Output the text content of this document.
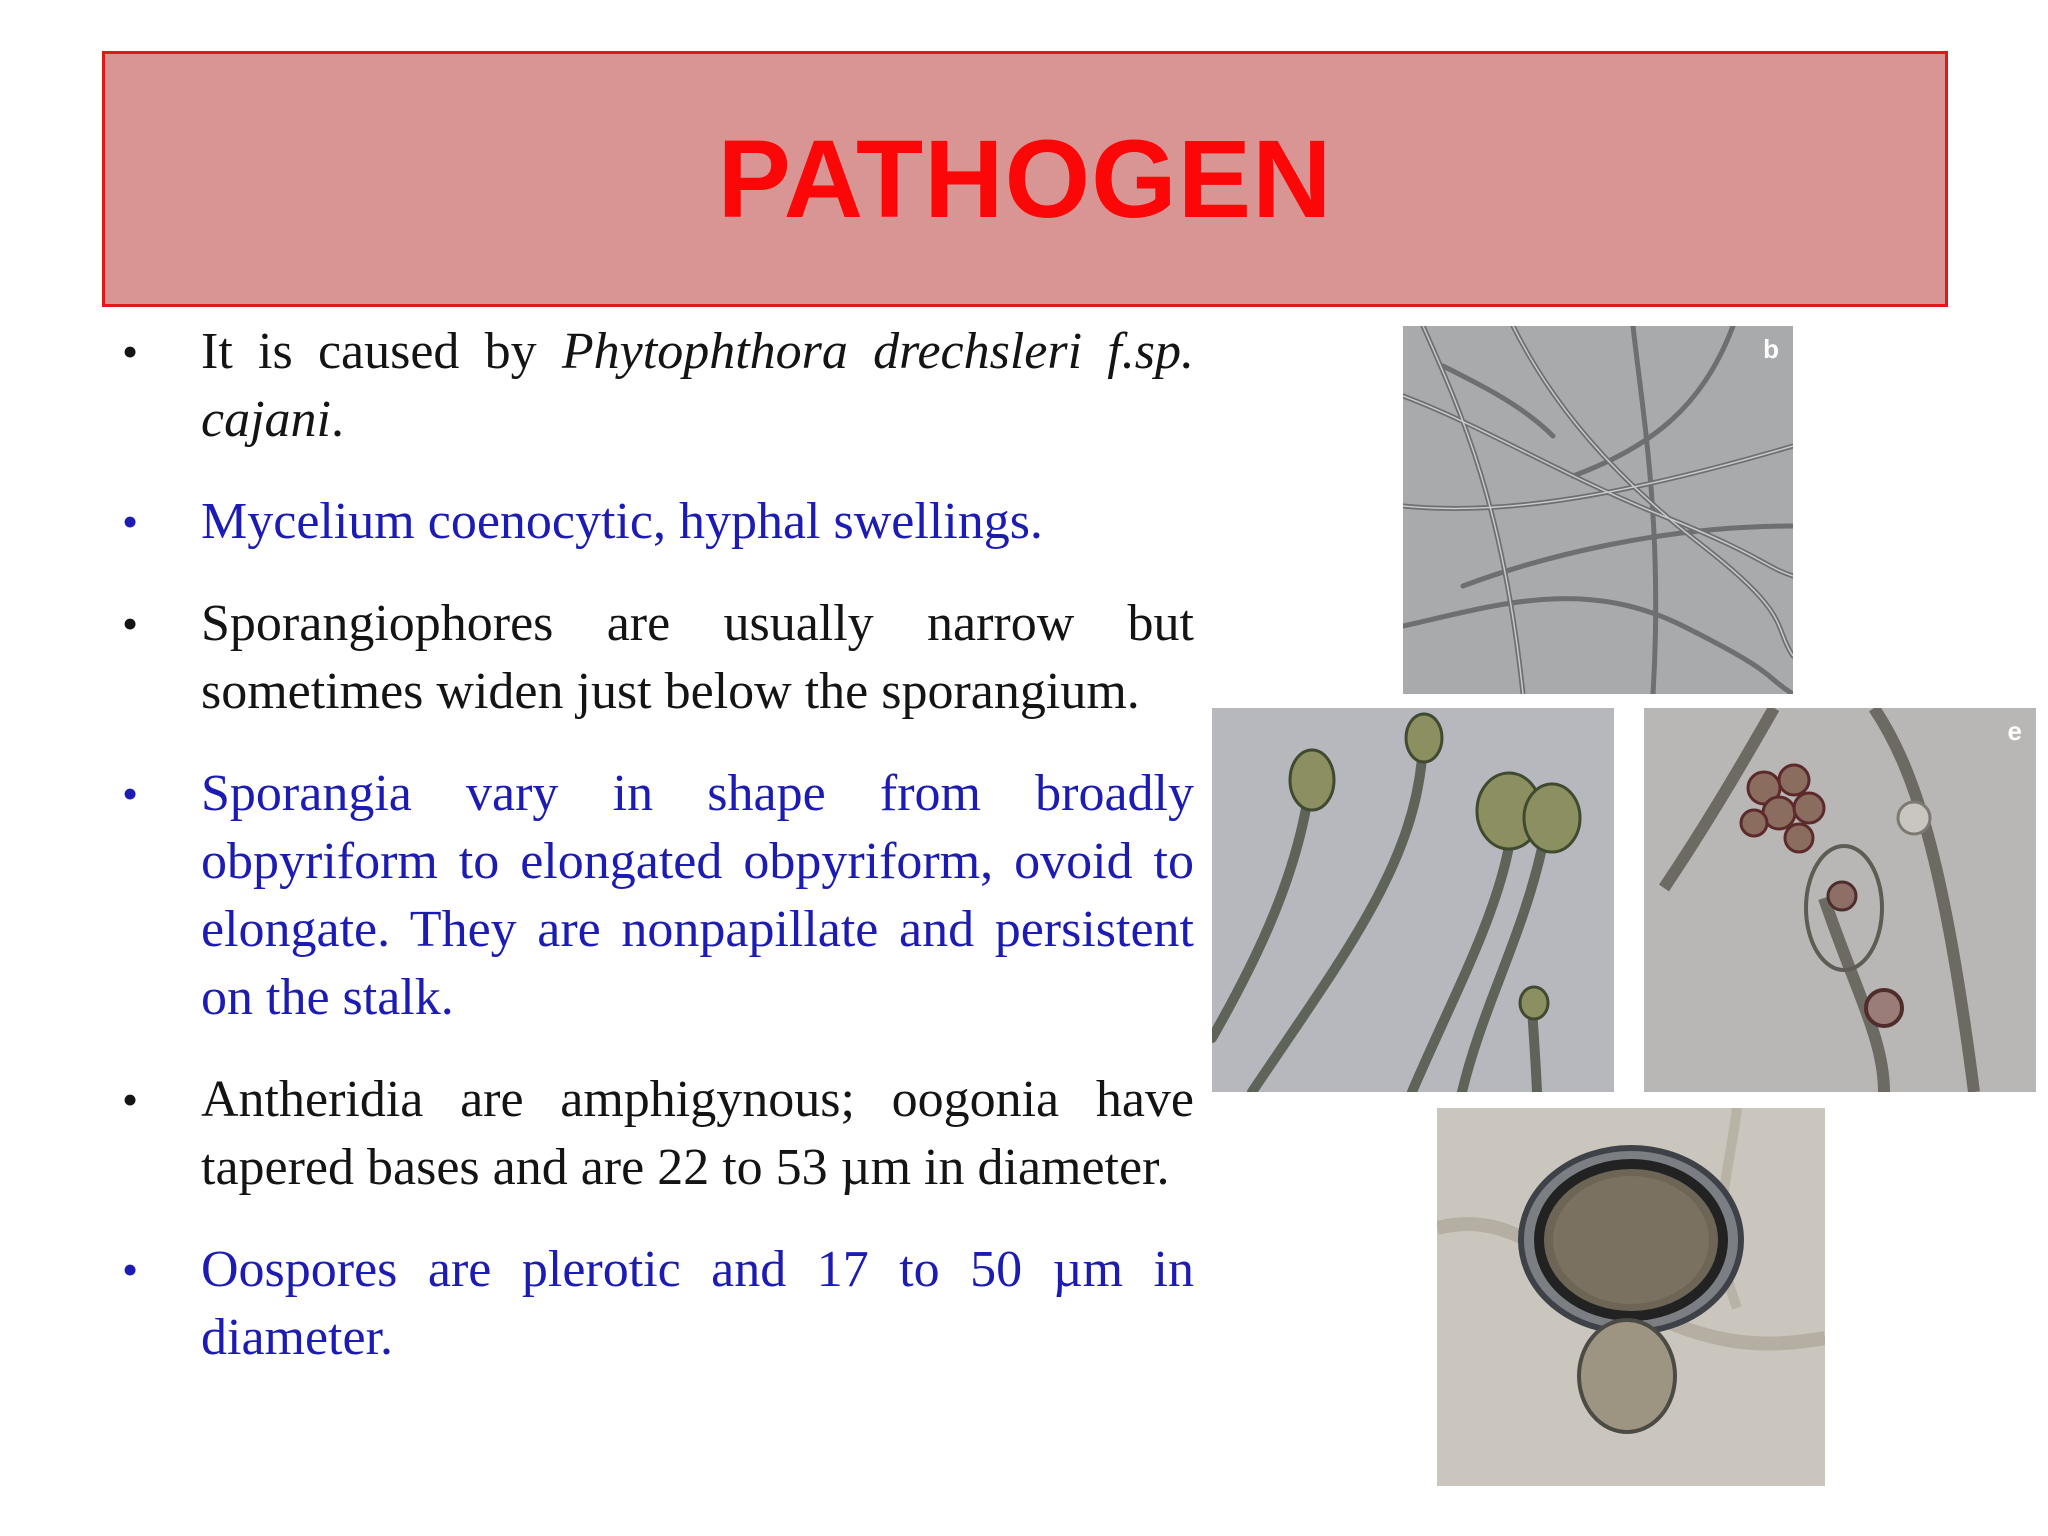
PATHOGEN
• It is caused by Phytophthora drechsleri f.sp. cajani.
• Mycelium coenocytic, hyphal swellings.
• Sporangiophores are usually narrow but sometimes widen just below the sporangium.
• Sporangia vary in shape from broadly obpyriform to elongated obpyriform, ovoid to elongate. They are nonpapillate and persistent on the stalk.
• Antheridia are amphigynous; oogonia have tapered bases and are 22 to 53 µm in diameter.
• Oospores are plerotic and 17 to 50 µm in diameter.
b
e
